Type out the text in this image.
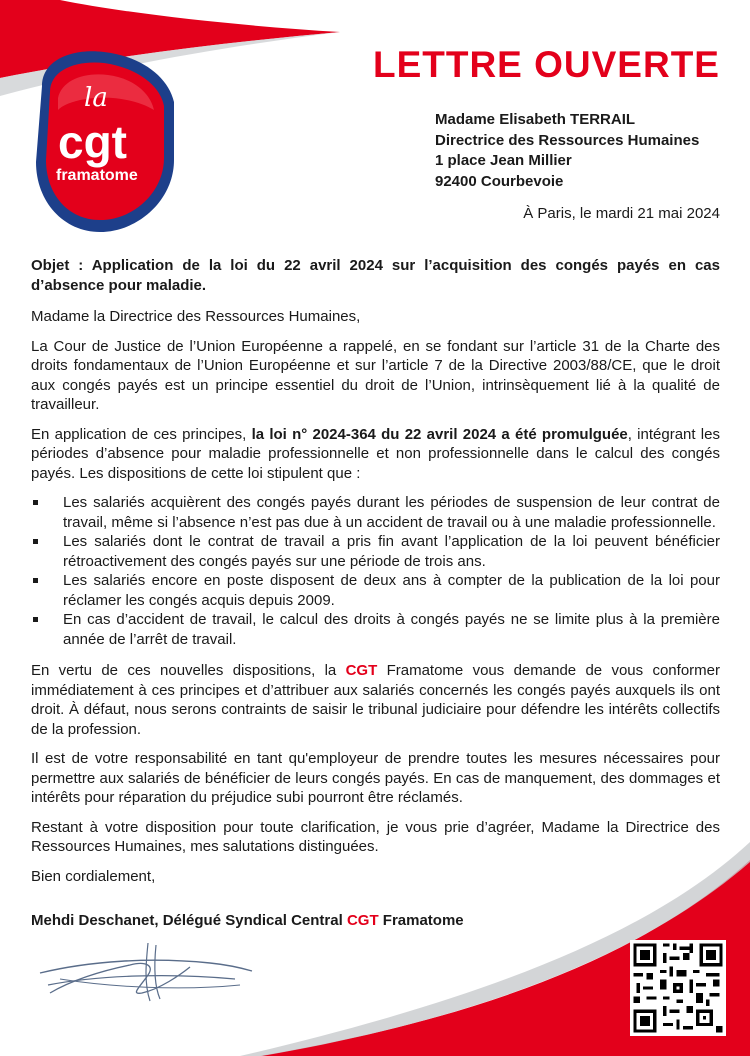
la
cgt
framatome
LETTRE OUVERTE
Madame Elisabeth TERRAIL
Directrice des Ressources Humaines
1 place Jean Millier
92400 Courbevoie

À Paris, le mardi 21 mai 2024

Objet : Application de la loi du 22 avril 2024 sur l’acquisition des congés payés en cas d’absence pour maladie.

Madame la Directrice des Ressources Humaines,

La Cour de Justice de l’Union Européenne a rappelé, en se fondant sur l’article 31 de la Charte des droits fondamentaux de l’Union Européenne et sur l’article 7 de la Directive 2003/88/CE, que le droit aux congés payés est un principe essentiel du droit de l’Union, intrinsèquement lié à la qualité de travailleur.

En application de ces principes, la loi n° 2024-364 du 22 avril 2024 a été promulguée, intégrant les périodes d’absence pour maladie professionnelle et non professionnelle dans le calcul des congés payés. Les dispositions de cette loi stipulent que :

Les salariés acquièrent des congés payés durant les périodes de suspension de leur contrat de travail, même si l’absence n’est pas due à un accident de travail ou à une maladie professionnelle.
Les salariés dont le contrat de travail a pris fin avant l’application de la loi peuvent bénéficier rétroactivement des congés payés sur une période de trois ans.
Les salariés encore en poste disposent de deux ans à compter de la publication de la loi pour réclamer les congés acquis depuis 2009.
En cas d’accident de travail, le calcul des droits à congés payés ne se limite plus à la première année de l’arrêt de travail.

En vertu de ces nouvelles dispositions, la CGT Framatome vous demande de vous conformer immédiatement à ces principes et d’attribuer aux salariés concernés les congés payés auxquels ils ont droit. À défaut, nous serons contraints de saisir le tribunal judiciaire pour défendre les intérêts collectifs de la profession.

Il est de votre responsabilité en tant qu'employeur de prendre toutes les mesures nécessaires pour permettre aux salariés de bénéficier de leurs congés payés. En cas de manquement, des dommages et intérêts pour réparation du préjudice subi pourront être réclamés.

Restant à votre disposition pour toute clarification, je vous prie d’agréer, Madame la Directrice des Ressources Humaines, mes salutations distinguées.

Bien cordialement,

Mehdi Deschanet, Délégué Syndical Central CGT Framatome
